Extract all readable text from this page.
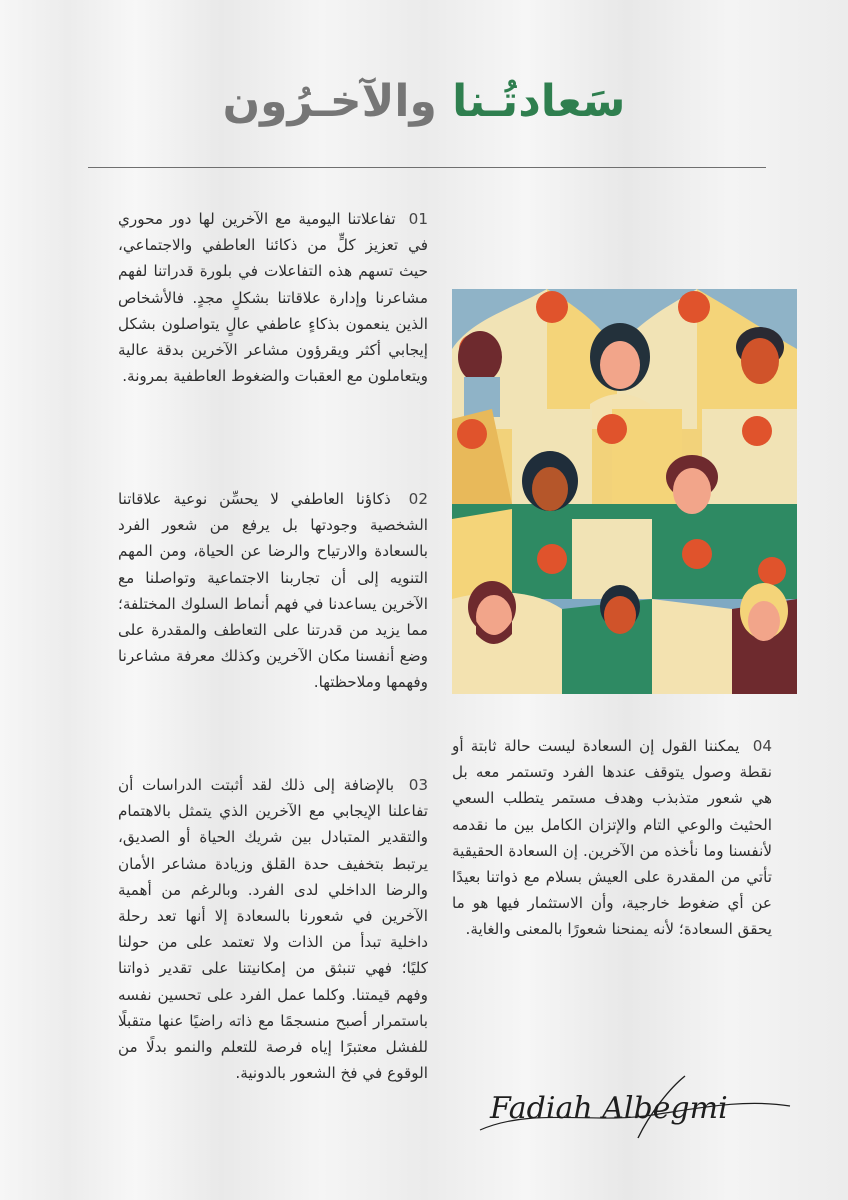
سَعادتُـنا والآخـرُون
01 تفاعلاتنا اليومية مع الآخرين لها دور محوري في تعزيز كلٍّ من ذكائنا العاطفي والاجتماعي، حيث تسهم هذه التفاعلات في بلورة قدراتنا لفهم مشاعرنا وإدارة علاقاتنا بشكلٍ مجدٍ. فالأشخاص الذين ينعمون بذكاءٍ عاطفي عالٍ يتواصلون بشكل إيجابي أكثر ويقرؤون مشاعر الآخرين بدقة عالية ويتعاملون مع العقبات والضغوط العاطفية بمرونة.
02 ذكاؤنا العاطفي لا يحسِّن نوعية علاقاتنا الشخصية وجودتها بل يرفع من شعور الفرد بالسعادة والارتياح والرضا عن الحياة، ومن المهم التنويه إلى أن تجاربنا الاجتماعية وتواصلنا مع الآخرين يساعدنا في فهم أنماط السلوك المختلفة؛ مما يزيد من قدرتنا على التعاطف والمقدرة على وضع أنفسنا مكان الآخرين وكذلك معرفة مشاعرنا وفهمها وملاحظتها.
03 بالإضافة إلى ذلك لقد أثبتت الدراسات أن تفاعلنا الإيجابي مع الآخرين الذي يتمثل بالاهتمام والتقدير المتبادل بين شريك الحياة أو الصديق، يرتبط بتخفيف حدة القلق وزيادة مشاعر الأمان والرضا الداخلي لدى الفرد. وبالرغم من أهمية الآخرين في شعورنا بالسعادة إلا أنها تعد رحلة داخلية تبدأ من الذات ولا تعتمد على من حولنا كليًا؛ فهي تنبثق من إمكانيتنا على تقدير ذواتنا وفهم قيمتنا. وكلما عمل الفرد على تحسين نفسه باستمرار أصبح منسجمًا مع ذاته راضيًا عنها متقبلًا للفشل معتبرًا إياه فرصة للتعلم والنمو بدلًا من الوقوع في فخ الشعور بالدونية.
04 يمكننا القول إن السعادة ليست حالة ثابتة أو نقطة وصول يتوقف عندها الفرد وتستمر معه بل هي شعور متذبذب وهدف مستمر يتطلب السعي الحثيث والوعي التام والإتزان الكامل بين ما نقدمه لأنفسنا وما نأخذه من الآخرين. إن السعادة الحقيقية تأتي من المقدرة على العيش بسلام مع ذواتنا بعيدًا عن أي ضغوط خارجية، وأن الاستثمار فيها هو ما يحقق السعادة؛ لأنه يمنحنا شعورًا بالمعنى والغاية.
Fadiah Albegmi
